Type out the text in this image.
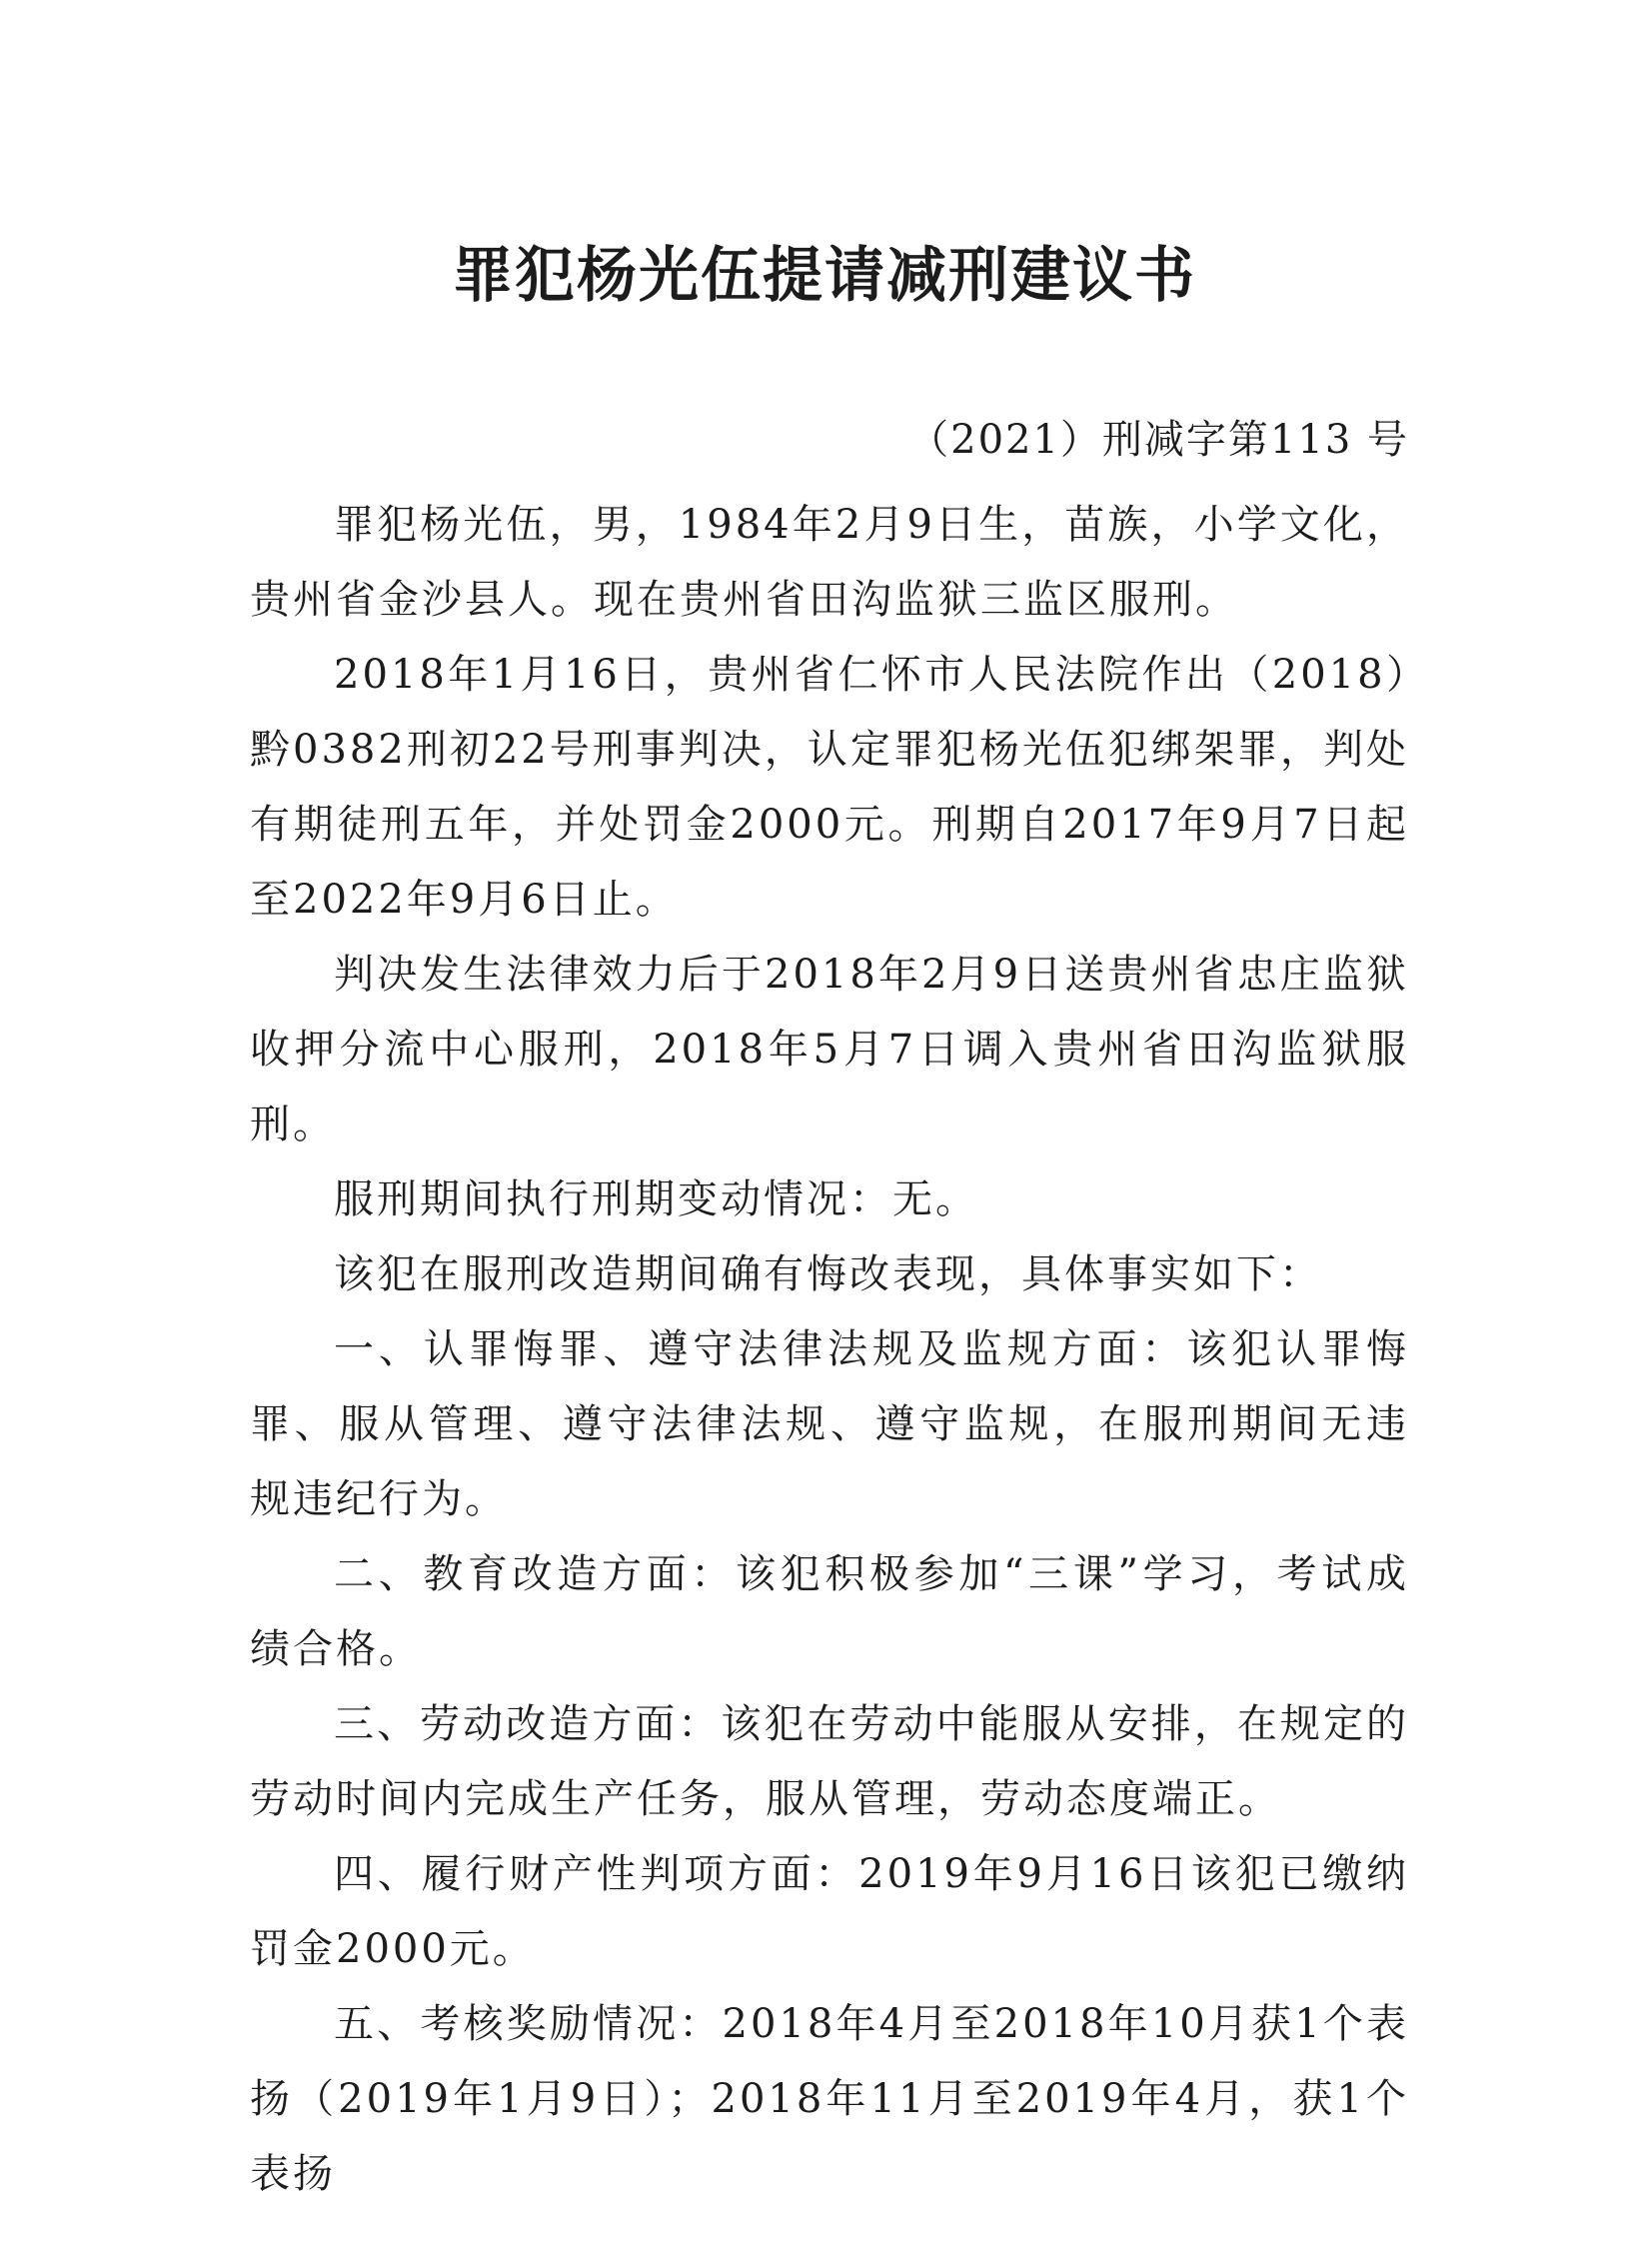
罪犯杨光伍提请减刑建议书
（2021）刑减字第113 号

罪犯杨光伍，男，1984年2月9日生，苗族，小学文化，贵州省金沙县人。现在贵州省田沟监狱三监区服刑。

2018年1月16日，贵州省仁怀市人民法院作出（2018）黔0382刑初22号刑事判决，认定罪犯杨光伍犯绑架罪，判处有期徒刑五年，并处罚金2000元。刑期自2017年9月7日起至2022年9月6日止。

判决发生法律效力后于2018年2月9日送贵州省忠庄监狱收押分流中心服刑，2018年5月7日调入贵州省田沟监狱服刑。

服刑期间执行刑期变动情况：无。

该犯在服刑改造期间确有悔改表现，具体事实如下：

一、认罪悔罪、遵守法律法规及监规方面：该犯认罪悔罪、服从管理、遵守法律法规、遵守监规，在服刑期间无违规违纪行为。

二、教育改造方面：该犯积极参加“三课”学习，考试成绩合格。

三、劳动改造方面：该犯在劳动中能服从安排，在规定的劳动时间内完成生产任务，服从管理，劳动态度端正。

四、履行财产性判项方面：2019年9月16日该犯已缴纳罚金2000元。

五、考核奖励情况：2018年4月至2018年10月获1个表扬（2019年1月9日）；2018年11月至2019年4月，获1个表扬
